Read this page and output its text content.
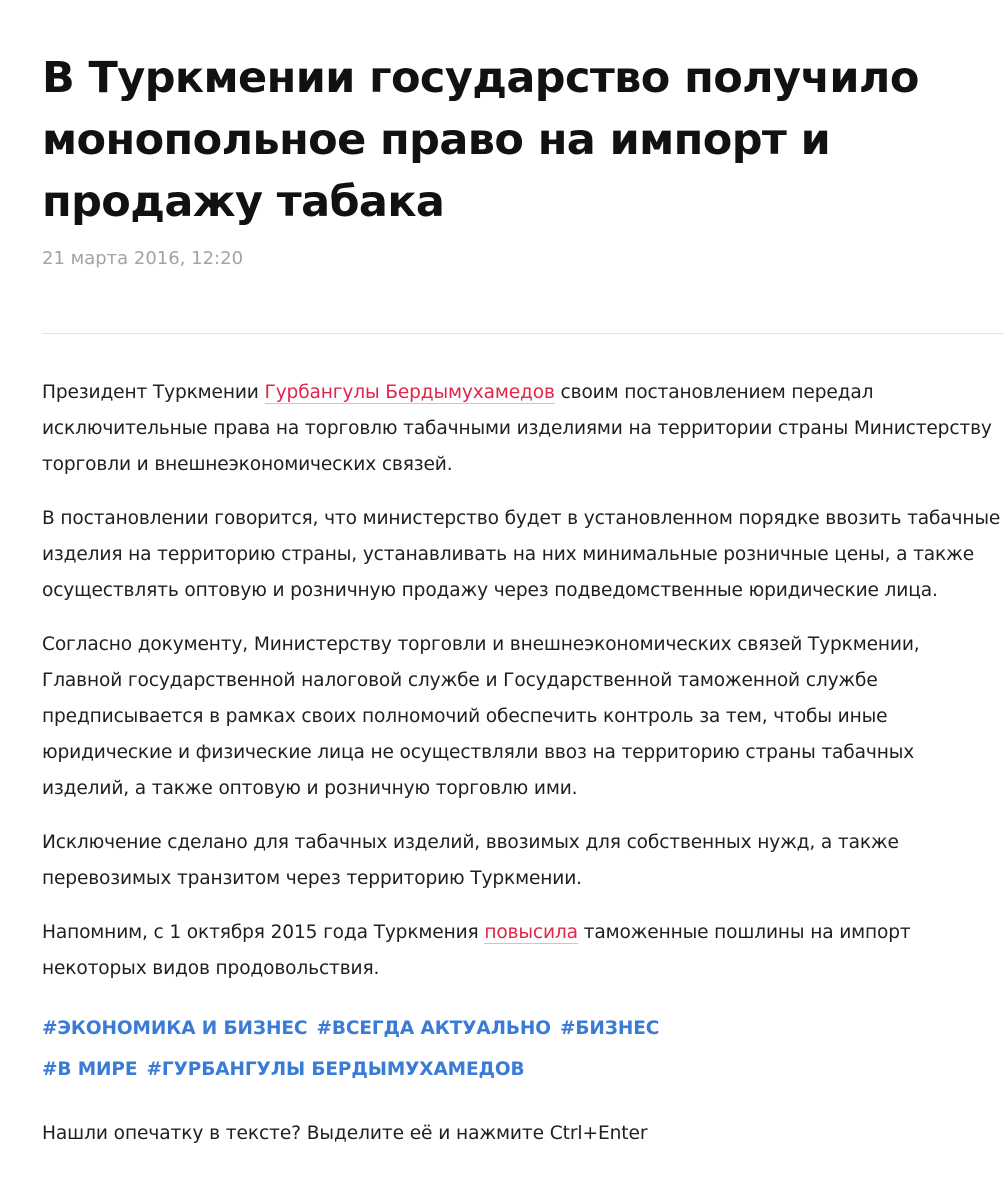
В Туркмении государство получило монопольное право на импорт и продажу табака
21 марта 2016, 12:20

Президент Туркмении Гурбангулы Бердымухамедов своим постановлением передал исключительные права на торговлю табачными изделиями на территории страны Министерству торговли и внешнеэкономических связей.

В постановлении говорится, что министерство будет в установленном порядке ввозить табачные изделия на территорию страны, устанавливать на них минимальные розничные цены, а также осуществлять оптовую и розничную продажу через подведомственные юридические лица.

Согласно документу, Министерству торговли и внешнеэкономических связей Туркмении, Главной государственной налоговой службе и Государственной таможенной службе предписывается в рамках своих полномочий обеспечить контроль за тем, чтобы иные юридические и физические лица не осуществляли ввоз на территорию страны табачных изделий, а также оптовую и розничную торговлю ими.

Исключение сделано для табачных изделий, ввозимых для собственных нужд, а также перевозимых транзитом через территорию Туркмении.

Напомним, с 1 октября 2015 года Туркмения повысила таможенные пошлины на импорт некоторых видов продовольствия.

#ЭКОНОМИКА И БИЗНЕС #ВСЕГДА АКТУАЛЬНО #БИЗНЕС #В МИРЕ #ГУРБАНГУЛЫ БЕРДЫМУХАМЕДОВ
Нашли опечатку в тексте? Выделите её и нажмите Ctrl+Enter
